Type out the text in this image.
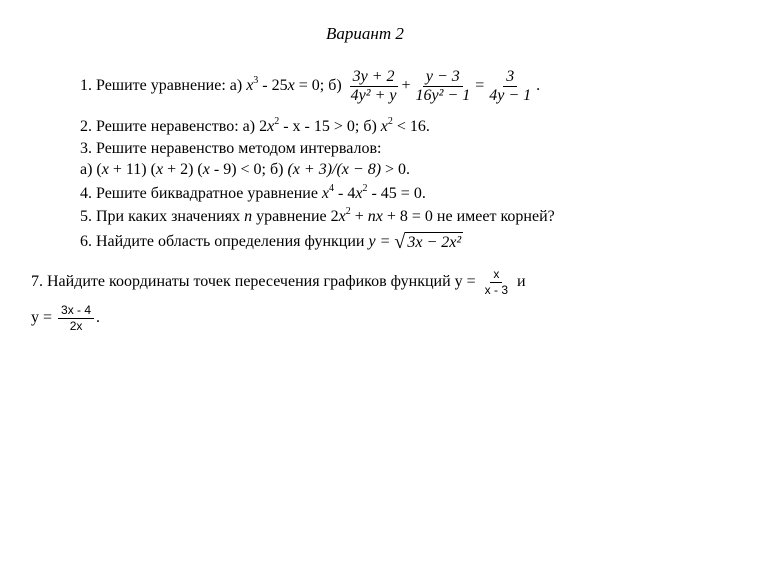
Вариант 2
1. Решите уравнение: а) $x^3 - 25x = 0$; $б) \frac{3y + 2}{\text{4y² + y}} + \frac{y - 3}{\text{16y² − 1}} = \frac{3}{4y - 1}$ .
2. Решите неравенство: а) $2x^2 - x - 15 > 0$; б) $x^2 < 16$.
3. Решите неравенство методом интервалов:
а) (x + 11) (x + 2) (x - 9) < 0; б) (x + 3)/(x − 8) > 0.
4. Решите биквадратное уравнение $x^4 - 4x^2 - 45 = 0$.
5. При каких значениях n уравнение $2x^2$ + nx + 8 = 0 не имеет корней?
6. Найдите область определения функции y = √ 3x − 2x²
7. Найдите координаты точек пересечения графиков функций $y = \frac{x}{x - 3}$ и
$y = \frac{3x - 4}{2x}$ .
